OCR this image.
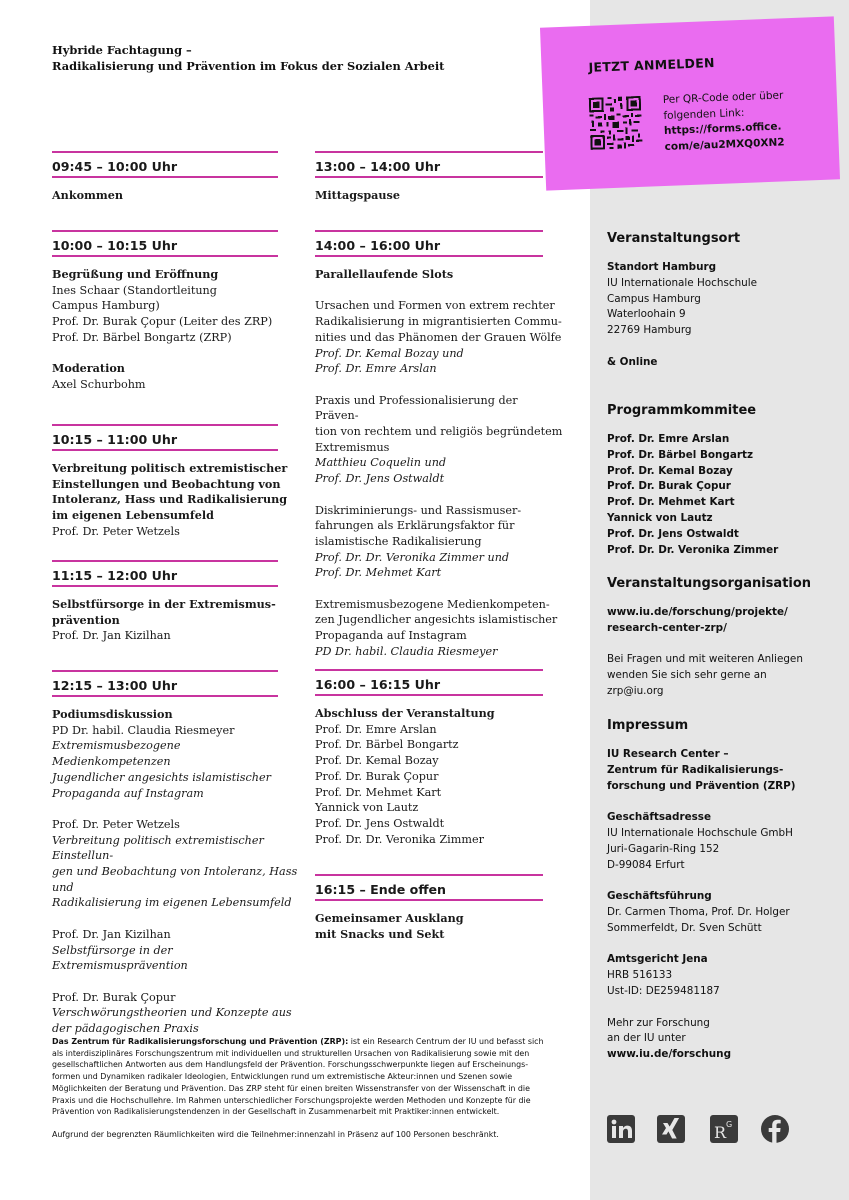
JETZT ANMELDEN
Per QR-Code oder über
folgenden Link:
https://forms.office.
com/e/au2MXQ0XN2
Hybride Fachtagung –
Radikalisierung und Prävention im Fokus der Sozialen Arbeit
09:45 – 10:00 Uhr
Ankommen
10:00 – 10:15 Uhr
Begrüßung und Eröffnung
Ines Schaar (Standortleitung
Campus Hamburg)
Prof. Dr. Burak Çopur (Leiter des ZRP)
Prof. Dr. Bärbel Bongartz (ZRP)
Moderation
Axel Schurbohm
10:15 – 11:00 Uhr
Verbreitung politisch extremistischer
Einstellungen und Beobachtung von
Intoleranz, Hass und Radikalisierung
im eigenen Lebensumfeld
Prof. Dr. Peter Wetzels
11:15 – 12:00 Uhr
Selbstfürsorge in der Extremismus-
prävention
Prof. Dr. Jan Kizilhan
12:15 – 13:00 Uhr
Podiumsdiskussion
PD Dr. habil. Claudia Riesmeyer
Extremismusbezogene Medienkompetenzen
Jugendlicher angesichts islamistischer
Propaganda auf Instagram
Prof. Dr. Peter Wetzels
Verbreitung politisch extremistischer Einstellun-
gen und Beobachtung von Intoleranz, Hass und
Radikalisierung im eigenen Lebensumfeld
Prof. Dr. Jan Kizilhan
Selbstfürsorge in der Extremismusprävention
Prof. Dr. Burak Çopur
Verschwörungstheorien und Konzepte aus
der pädagogischen Praxis
13:00 – 14:00 Uhr
Mittagspause
14:00 – 16:00 Uhr
Parallellaufende Slots
Ursachen und Formen von extrem rechter
Radikalisierung in migrantisierten Commu-
nities und das Phänomen der Grauen Wölfe
Prof. Dr. Kemal Bozay und
Prof. Dr. Emre Arslan
Praxis und Professionalisierung der Präven-
tion von rechtem und religiös begründetem
Extremismus
Matthieu Coquelin und
Prof. Dr. Jens Ostwaldt
Diskriminierungs- und Rassismuser-
fahrungen als Erklärungsfaktor für
islamistische Radikalisierung
Prof. Dr. Dr. Veronika Zimmer und
Prof. Dr. Mehmet Kart
Extremismusbezogene Medienkompeten-
zen Jugendlicher angesichts islamistischer
Propaganda auf Instagram
PD Dr. habil. Claudia Riesmeyer
16:00 – 16:15 Uhr
Abschluss der Veranstaltung
Prof. Dr. Emre Arslan
Prof. Dr. Bärbel Bongartz
Prof. Dr. Kemal Bozay
Prof. Dr. Burak Çopur
Prof. Dr. Mehmet Kart
Yannick von Lautz
Prof. Dr. Jens Ostwaldt
Prof. Dr. Dr. Veronika Zimmer
16:15 – Ende offen
Gemeinsamer Ausklang
mit Snacks und Sekt
Veranstaltungsort
Standort Hamburg
IU Internationale Hochschule
Campus Hamburg
Waterloohain 9
22769 Hamburg
& Online
Programmkommitee
Prof. Dr. Emre Arslan
Prof. Dr. Bärbel Bongartz
Prof. Dr. Kemal Bozay
Prof. Dr. Burak Çopur
Prof. Dr. Mehmet Kart
Yannick von Lautz
Prof. Dr. Jens Ostwaldt
Prof. Dr. Dr. Veronika Zimmer
Veranstaltungsorganisation
www.iu.de/forschung/projekte/
research-center-zrp/
Bei Fragen und mit weiteren Anliegen
wenden Sie sich sehr gerne an
zrp@iu.org
Impressum
IU Research Center –
Zentrum für Radikalisierungs-
forschung und Prävention (ZRP)
Geschäftsadresse
IU Internationale Hochschule GmbH
Juri-Gagarin-Ring 152
D-99084 Erfurt
Geschäftsführung
Dr. Carmen Thoma, Prof. Dr. Holger
Sommerfeldt, Dr. Sven Schütt
Amtsgericht Jena
HRB 516133
Ust-ID: DE259481187
Mehr zur Forschung
an der IU unter
www.iu.de/forschung

Das Zentrum für Radikalisierungsforschung und Prävention (ZRP): ist ein Research Centrum der IU und befasst sich

als interdisziplinäres Forschungszentrum mit individuellen und strukturellen Ursachen von Radikalisierung sowie mit den

gesellschaftlichen Antworten aus dem Handlungsfeld der Prävention. Forschungsschwerpunkte liegen auf Erscheinungs-

formen und Dynamiken radikaler Ideologien, Entwicklungen rund um extremistische Akteur:innen und Szenen sowie

Möglichkeiten der Beratung und Prävention. Das ZRP steht für einen breiten Wissenstransfer von der Wissenschaft in die

Praxis und die Hochschullehre. Im Rahmen unterschiedlicher Forschungsprojekte werden Methoden und Konzepte für die

Prävention von Radikalisierungstendenzen in der Gesellschaft in Zusammenarbeit mit Praktiker:innen entwickelt.

Aufgrund der begrenzten Räumlichkeiten wird die Teilnehmer:innenzahl in Präsenz auf 100 Personen beschränkt.	R G
